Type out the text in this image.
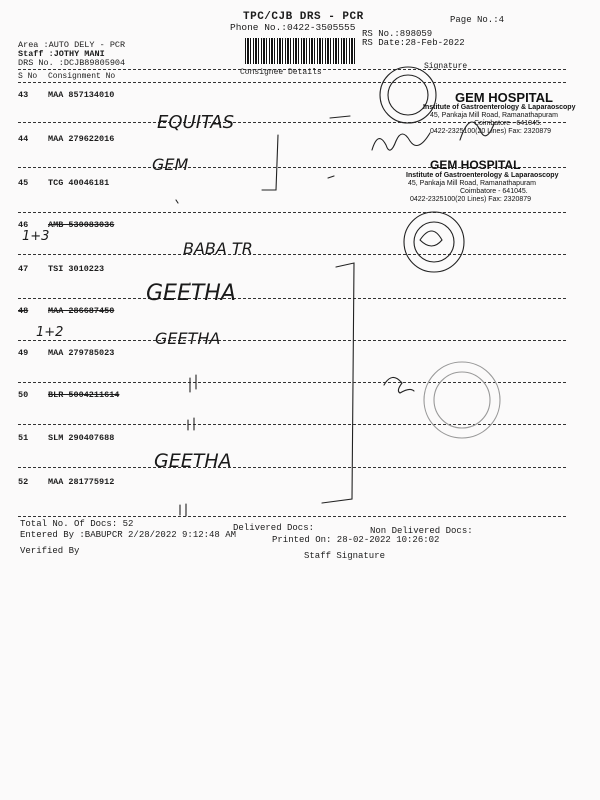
TPC/CJB DRS - PCR
Phone No.:0422-3505555
Page No.:4
RS No.:898059
RS Date:28-Feb-2022
Area :AUTO DELY - PCR
Staff :JOTHY MANI
DRS No. :DCJB89805904
S No Consignment No	Consignee Details
Signature
43 MAA 857134010
44 MAA 279622016
45 TCG 40046181
46 AMB 530083036
47 TSI 3010223
48 MAA 286687450
49 MAA 279785023
50 BLR 5004211614
51 SLM 290407688
52 MAA 281775912
Total No. Of Docs: 52	Delivered Docs:	Non Delivered Docs:
Entered By :BABUPCR 2/28/2022 9:12:48 AM	Printed On: 28-02-2022 10:26:02
Verified By	Staff Signature
GEM HOSPITAL
Institute of Gastroenterology & Laparaoscopy
45, Pankaja Mill Road, Ramanathapuram
Coimbatore - 641045.
0422-2325100(20 Lines) Fax: 2320879
GEM HOSPITAL
Institute of Gastroenterology & Laparaoscopy
45, Pankaja Mill Road, Ramanathapuram
Coimbatore - 641045.
0422-2325100(20 Lines) Fax: 2320879
EQUITAS
GEM
1+3
BABA TR
GEETHA
1+2	GEETHA
GEETHA
